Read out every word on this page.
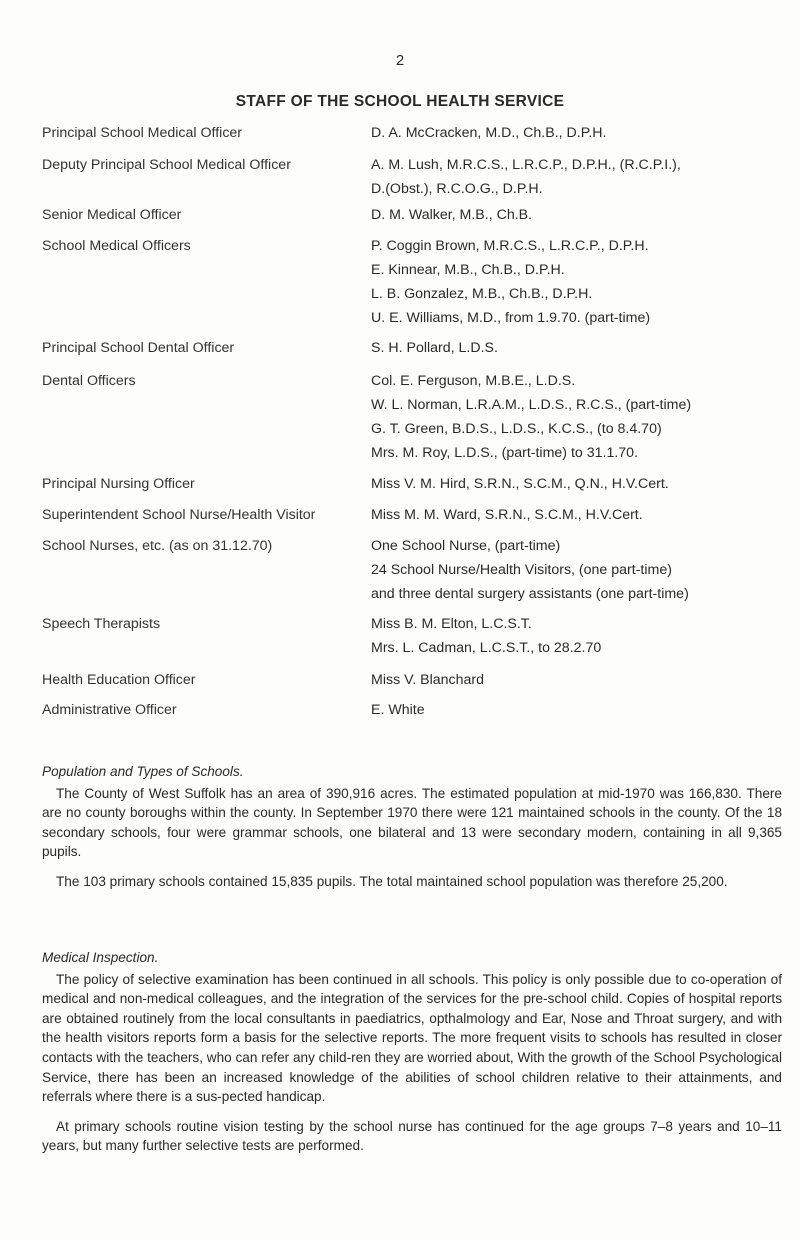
2
STAFF OF THE SCHOOL HEALTH SERVICE
Principal School Medical Officer	D. A. McCracken, M.D., Ch.B., D.P.H.
Deputy Principal School Medical Officer	A. M. Lush, M.R.C.S., L.R.C.P., D.P.H., (R.C.P.I.),
D.(Obst.), R.C.O.G., D.P.H.
Senior Medical Officer	D. M. Walker, M.B., Ch.B.
School Medical Officers	P. Coggin Brown, M.R.C.S., L.R.C.P., D.P.H.
E. Kinnear, M.B., Ch.B., D.P.H.
L. B. Gonzalez, M.B., Ch.B., D.P.H.
U. E. Williams, M.D., from 1.9.70. (part-time)
Principal School Dental Officer	S. H. Pollard, L.D.S.
Dental Officers	Col. E. Ferguson, M.B.E., L.D.S.
W. L. Norman, L.R.A.M., L.D.S., R.C.S., (part-time)
G. T. Green, B.D.S., L.D.S., K.C.S., (to 8.4.70)
Mrs. M. Roy, L.D.S., (part-time) to 31.1.70.
Principal Nursing Officer	Miss V. M. Hird, S.R.N., S.C.M., Q.N., H.V.Cert.
Superintendent School Nurse/Health Visitor	Miss M. M. Ward, S.R.N., S.C.M., H.V.Cert.
School Nurses, etc. (as on 31.12.70)	One School Nurse, (part-time)
24 School Nurse/Health Visitors, (one part-time)
and three dental surgery assistants (one part-time)
Speech Therapists	Miss B. M. Elton, L.C.S.T.
Mrs. L. Cadman, L.C.S.T., to 28.2.70
Health Education Officer	Miss V. Blanchard
Administrative Officer	E. White
Population and Types of Schools.

The County of West Suffolk has an area of 390,916 acres. The estimated population at mid-1970 was 166,830. There are no county boroughs within the county. In September 1970 there were 121 maintained schools in the county. Of the 18 secondary schools, four were grammar schools, one bilateral and 13 were secondary modern, containing in all 9,365 pupils.

The 103 primary schools contained 15,835 pupils. The total maintained school population was therefore 25,200.

Medical Inspection.

The policy of selective examination has been continued in all schools. This policy is only possible due to co-operation of medical and non-medical colleagues, and the integration of the services for the pre-school child. Copies of hospital reports are obtained routinely from the local consultants in paediatrics, opthalmology and Ear, Nose and Throat surgery, and with the health visitors reports form a basis for the selective reports. The more frequent visits to schools has resulted in closer contacts with the teachers, who can refer any child-ren they are worried about, With the growth of the School Psychological Service, there has been an increased knowledge of the abilities of school children relative to their attainments, and referrals where there is a sus-pected handicap.

At primary schools routine vision testing by the school nurse has continued for the age groups 7–8 years and 10–11 years, but many further selective tests are performed.
